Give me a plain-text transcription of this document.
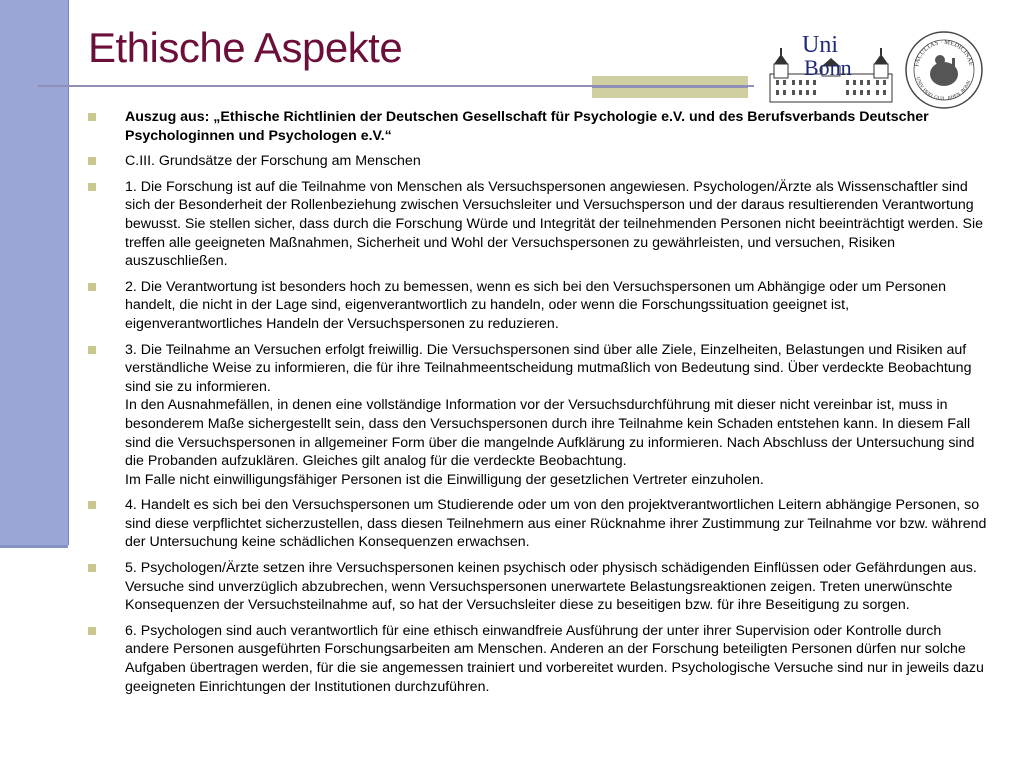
Ethische Aspekte	Uni
Bonn	FACULTAS · MEDICINAE
UNIV. FRID. GUIL. RHEN. BONN
Auszug aus: „Ethische Richtlinien der Deutschen Gesellschaft für Psychologie e.V. und des Berufsverbands Deutscher Psychologinnen und Psychologen e.V.“
C.III. Grundsätze der Forschung am Menschen
1. Die Forschung ist auf die Teilnahme von Menschen als Versuchspersonen angewiesen. Psychologen/Ärzte als Wissenschaftler sind sich der Besonderheit der Rollenbeziehung zwischen Versuchsleiter und Versuchsperson und der daraus resultierenden Verantwortung bewusst. Sie stellen sicher, dass durch die Forschung Würde und Integrität der teilnehmenden Personen nicht beeinträchtigt werden. Sie treffen alle geeigneten Maßnahmen, Sicherheit und Wohl der Versuchspersonen zu gewährleisten, und versuchen, Risiken auszuschließen.
2. Die Verantwortung ist besonders hoch zu bemessen, wenn es sich bei den Versuchspersonen um Abhängige oder um Personen handelt, die nicht in der Lage sind, eigenverantwortlich zu handeln, oder wenn die Forschungssituation geeignet ist, eigenverantwortliches Handeln der Versuchspersonen zu reduzieren.
3. Die Teilnahme an Versuchen erfolgt freiwillig. Die Versuchspersonen sind über alle Ziele, Einzelheiten, Belastungen und Risiken auf verständliche Weise zu informieren, die für ihre Teilnahmeentscheidung mutmaßlich von Bedeutung sind. Über verdeckte Beobachtung sind sie zu informieren.
In den Ausnahmefällen, in denen eine vollständige Information vor der Versuchsdurchführung mit dieser nicht vereinbar ist, muss in besonderem Maße sichergestellt sein, dass den Versuchspersonen durch ihre Teilnahme kein Schaden entstehen kann. In diesem Fall sind die Versuchspersonen in allgemeiner Form über die mangelnde Aufklärung zu informieren. Nach Abschluss der Untersuchung sind die Probanden aufzuklären. Gleiches gilt analog für die verdeckte Beobachtung.
Im Falle nicht einwilligungsfähiger Personen ist die Einwilligung der gesetzlichen Vertreter einzuholen.
4. Handelt es sich bei den Versuchspersonen um Studierende oder um von den projektverantwortlichen Leitern abhängige Personen, so sind diese verpflichtet sicherzustellen, dass diesen Teilnehmern aus einer Rücknahme ihrer Zustimmung zur Teilnahme vor bzw. während der Untersuchung keine schädlichen Konsequenzen erwachsen.
5. Psychologen/Ärzte setzen ihre Versuchspersonen keinen psychisch oder physisch schädigenden Einflüssen oder Gefährdungen aus. Versuche sind unverzüglich abzubrechen, wenn Versuchspersonen unerwartete Belastungsreaktionen zeigen. Treten unerwünschte Konsequenzen der Versuchsteilnahme auf, so hat der Versuchsleiter diese zu beseitigen bzw. für ihre Beseitigung zu sorgen.
6. Psychologen sind auch verantwortlich für eine ethisch einwandfreie Ausführung der unter ihrer Supervision oder Kontrolle durch andere Personen ausgeführten Forschungsarbeiten am Menschen. Anderen an der Forschung beteiligten Personen dürfen nur solche Aufgaben übertragen werden, für die sie angemessen trainiert und vorbereitet wurden. Psychologische Versuche sind nur in jeweils dazu geeigneten Einrichtungen der Institutionen durchzuführen.
